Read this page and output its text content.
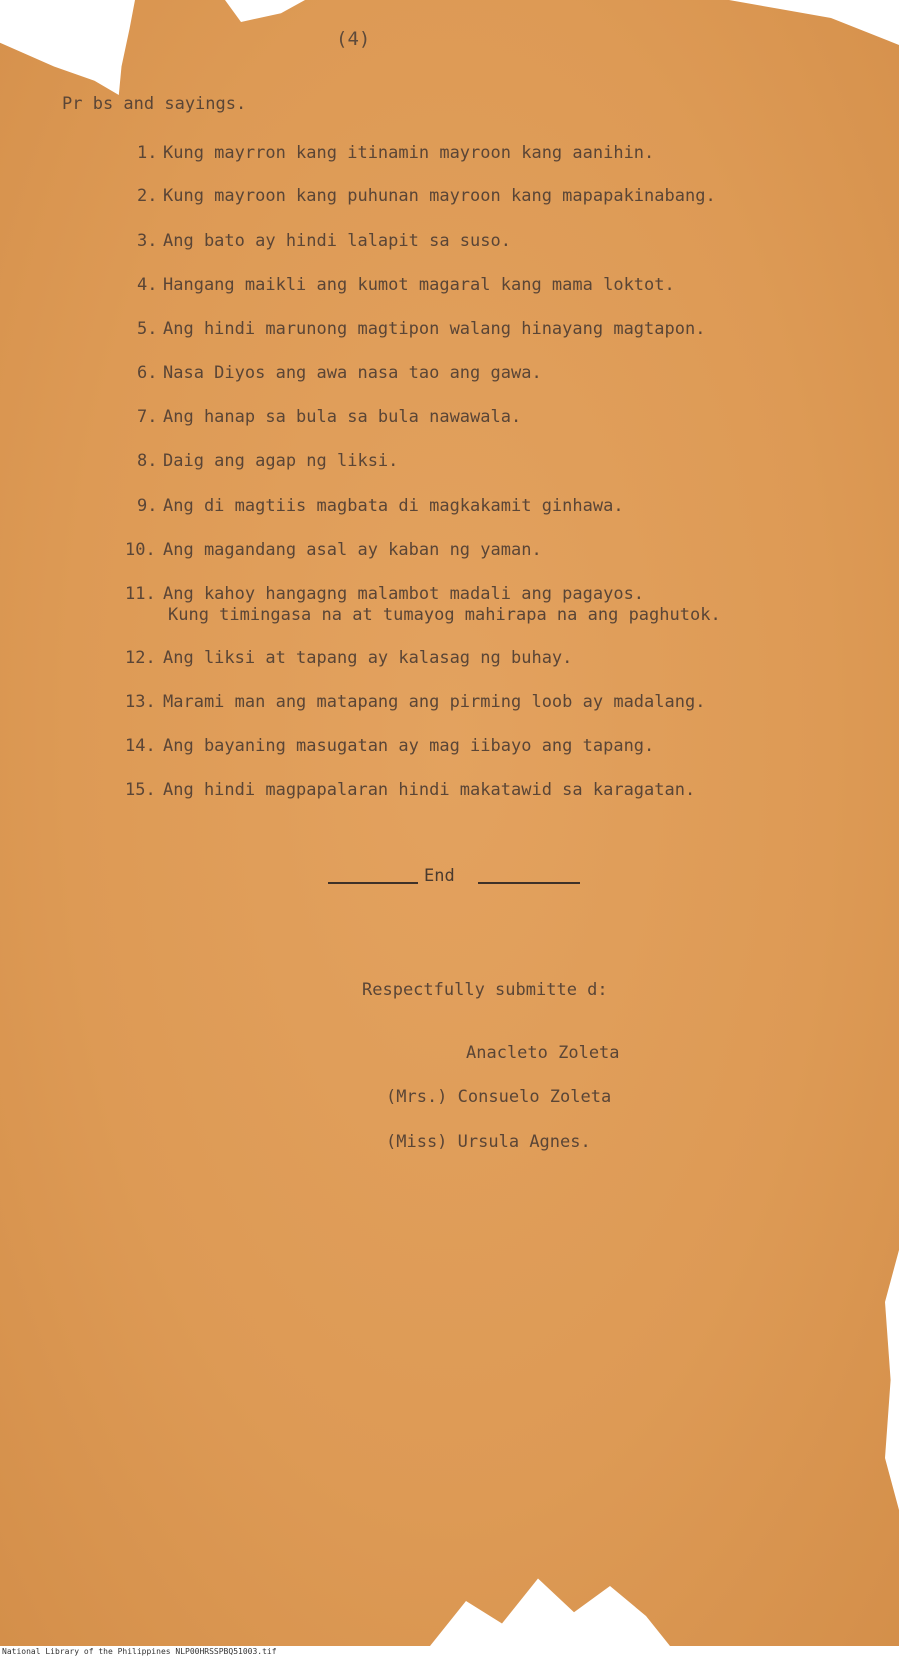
(4)
Pr bs and sayings.
1. Kung mayrron kang itinamin mayroon kang aanihin.
2. Kung mayroon kang puhunan mayroon kang mapapakinabang.
3. Ang bato ay hindi lalapit sa suso.
4. Hangang maikli ang kumot magaral kang mama loktot.
5. Ang hindi marunong magtipon walang hinayang magtapon.
6. Nasa Diyos ang awa nasa tao ang gawa.
7. Ang hanap sa bula sa bula nawawala.
8. Daig ang agap ng liksi.
9. Ang di magtiis magbata di magkakamit ginhawa.
10. Ang magandang asal ay kaban ng yaman.
11. Ang kahoy hangagng malambot madali ang pagayos.
Kung timingasa na at tumayog mahirapa na ang paghutok.
12. Ang liksi at tapang ay kalasag ng buhay.
13. Marami man ang matapang ang pirming loob ay madalang.
14. Ang bayaning masugatan ay mag iibayo ang tapang.
15. Ang hindi magpapalaran hindi makatawid sa karagatan.
End
Respectfully submitte d:
Anacleto Zoleta
(Mrs.) Consuelo Zoleta
(Miss) Ursula Agnes.
National Library of the Philippines NLP00HRSSPBQ51003.tif
